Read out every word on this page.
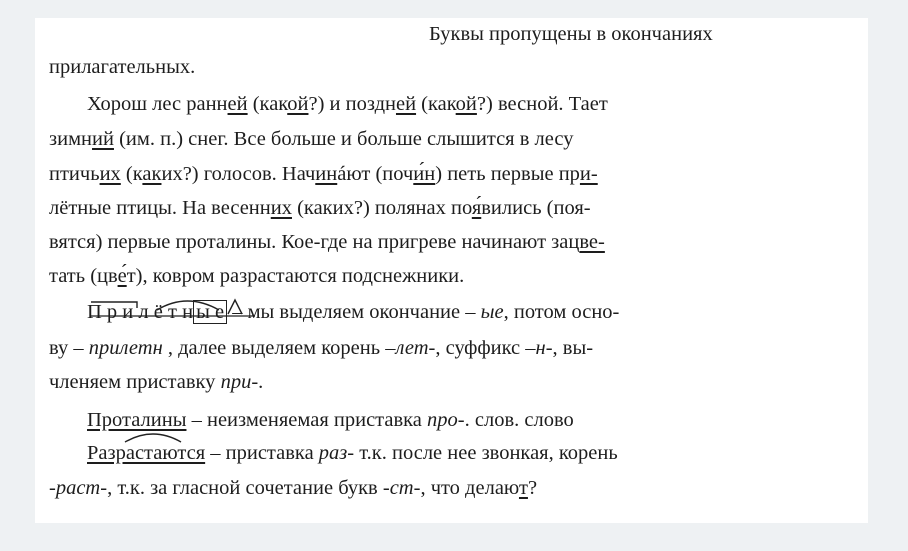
Буквы пропущены в окончаниях
прилагательных.
Хорош лес ранней (какой?) и поздней (какой?) весной. Тает
зимний (им. п.) снег. Все больше и больше слышится в лесу
птичьих (каких?) голосов. Начинáют (почи́н) петь первые при-
лётные птицы. На весенних (каких?) полянах поя́вились (поя-
вятся) первые проталины. Кое-где на пригреве начинают зацве-
тать (цве́т), ковром разрастаются подснежники.
П р и л ё т н ы е – мы выделяем окончание – ые, потом осно-
ву – прилетн , далее выделяем корень –лет-, суффикс –н-, вы-
членяем приставку при-.
Проталины – неизменяемая приставка про-. слов. слово
Разрастаются – приставка раз- т.к. после нее звонкая, корень
-раст-, т.к. за гласной сочетание букв -ст-, что делают?
